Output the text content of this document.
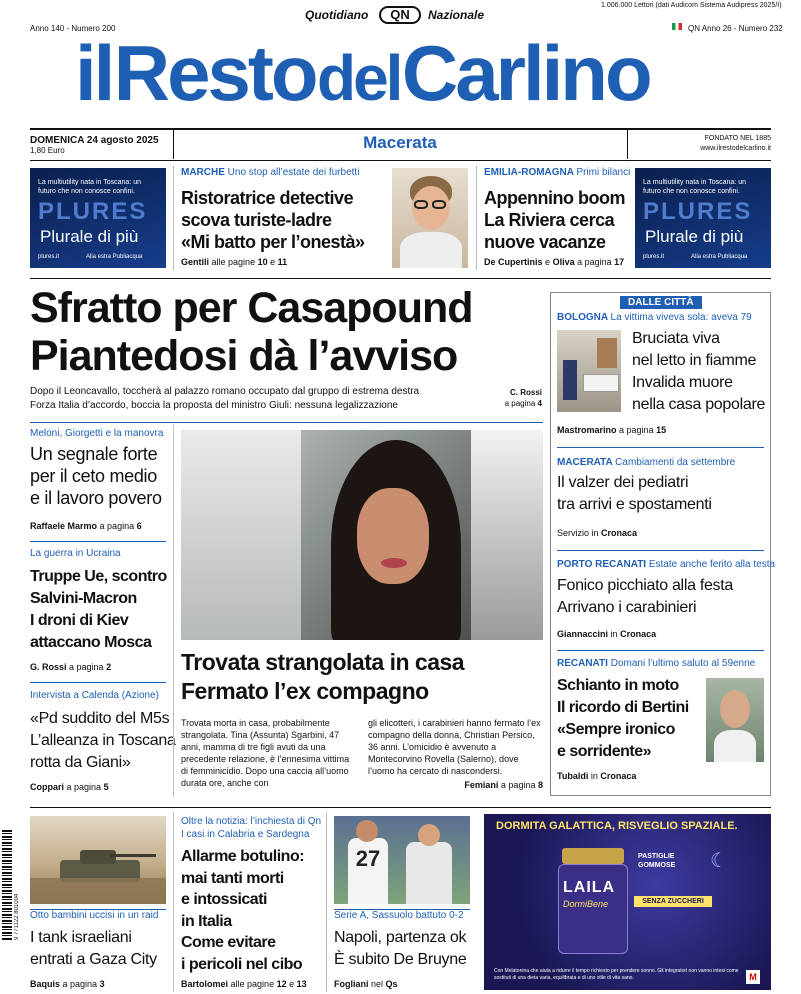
1.006.000 Lettori (dati Audicom Sistema Audipress 2025/I)
Quotidiano	QN	Nazionale
Anno 140 - Numero 200	QN Anno 26 - Numero 232
il Resto del Carlino
DOMENICA 24 agosto 2025
1,80 Euro	Macerata	FONDATO NEL 1885
www.ilrestodelcarlino.it
La multiutility nata in Toscana: un futuro che non conosce confini.
PLURES
Plurale di più
plures.it	Alia estra Publiacqua
MARCHE Uno stop all’estate dei furbetti
Ristoratrice detective
scova turiste-ladre
«Mi batto per l’onestà»
Gentili alle pagine 10 e 11
EMILIA-ROMAGNA Primi bilanci
Appennino boom
La Riviera cerca
nuove vacanze
De Cupertinis e Oliva a pagina 17
La multiutility nata in Toscana: un futuro che non conosce confini.
PLURES
Plurale di più
plures.it	Alia estra Publiacqua
Sfratto per Casapound
Piantedosi dà l’avviso
Dopo il Leoncavallo, toccherà al palazzo romano occupato dal gruppo di estrema destra
Forza Italia d’accordo, boccia la proposta del ministro Giuli: nessuna legalizzazione
C. Rossi
a pagina 4
Meloni, Giorgetti e la manovra
Un segnale forte
per il ceto medio
e il lavoro povero
Raffaele Marmo a pagina 6
La guerra in Ucraina
Truppe Ue, scontro
Salvini-Macron
I droni di Kiev
attaccano Mosca
G. Rossi a pagina 2
Intervista a Calenda (Azione)
«Pd suddito del M5s
L’alleanza in Toscana
rotta da Giani»
Coppari a pagina 5
Trovata strangolata in casa
Fermato l’ex compagno
Trovata morta in casa, probabilmente strangolata. Tina (Assunta) Sgarbini, 47 anni, mamma di tre figli avuti da una precedente relazione, è l’ennesima vittima di femminicidio. Dopo una caccia all’uomo durata ore, anche con
gli elicotteri, i carabinieri hanno fermato l’ex compagno della donna, Christian Persico, 36 anni. L’omicidio è avvenuto a Montecorvino Rovella (Salerno), dove l’uomo ha cercato di nascondersi.
Femiani a pagina 8
DALLE CITTÀ
BOLOGNA La vittima viveva sola: aveva 79
Bruciata viva
nel letto in fiamme
Invalida muore
nella casa popolare
Mastromarino a pagina 15
MACERATA Cambiamenti da settembre
Il valzer dei pediatri
tra arrivi e spostamenti
Servizio in Cronaca
PORTO RECANATI Estate anche ferito alla testa
Fonico picchiato alla festa
Arrivano i carabinieri
Giannaccini in Cronaca
RECANATI Domani l’ultimo saluto al 59enne
Schianto in moto
Il ricordo di Bertini
«Sempre ironico
e sorridente»
Tubaldi in Cronaca
9 771122 801004	Otto bambini uccisi in un raid
I tank israeliani
entrati a Gaza City
Baquis a pagina 3
Oltre la notizia: l’inchiesta di Qn
I casi in Calabria e Sardegna
Allarme botulino:
mai tanti morti
e intossicati
in Italia
Come evitare
i pericoli nel cibo
Bartolomei alle pagine 12 e 13
27
Serie A, Sassuolo battuto 0-2
Napoli, partenza ok
È subito De Bruyne
Fogliani nel Qs
DORMITA GALATTICA, RISVEGLIO SPAZIALE.
LAILA
DormiBene
PASTIGLIE GOMMOSE	☾
SENZA ZUCCHERI
Con Melatonina che aiuta a ridurre il tempo richiesto per prendere sonno. Gli integratori non vanno intesi come sostituti di una dieta varia, equilibrata e di uno stile di vita sano.	M
